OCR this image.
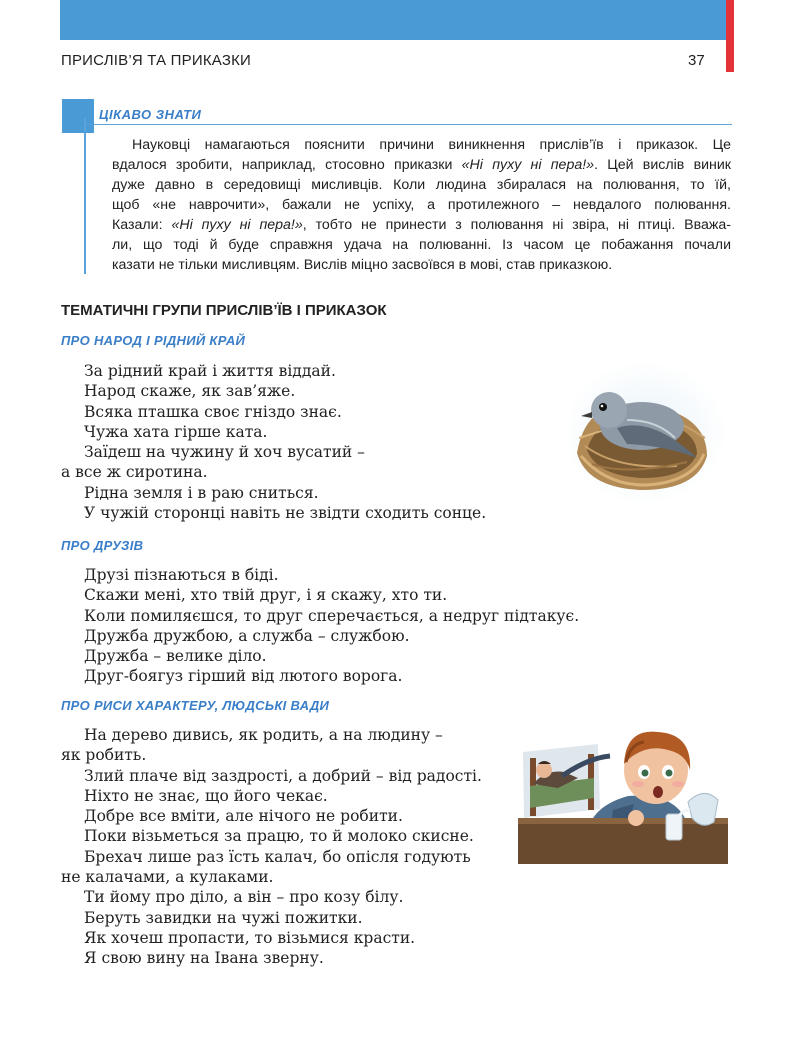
ПРИСЛІВ’Я ТА ПРИКАЗКИ	37
ЦІКАВО ЗНАТИ
Науковці намагаються пояснити причини виникнення прислів’їв і приказок. Це
вдалося зробити, наприклад, стосовно приказки «Ні пуху ні пера!». Цей вислів виник
дуже давно в середовищі мисливців. Коли людина збиралася на полювання, то їй,
щоб «не наврочити», бажали не успіху, а протилежного – невдалого полювання.
Казали: «Ні пуху ні пера!», тобто не принести з полювання ні звіра, ні птиці. Вважа-
ли, що тоді й буде справжня удача на полюванні. Із часом це побажання почали
казати не тільки мисливцям. Вислів міцно засвоївся в мові, став приказкою.
ТЕМАТИЧНІ ГРУПИ ПРИСЛІВ’ЇВ І ПРИКАЗОК
ПРО НАРОД І РІДНИЙ КРАЙ
За рідний край і життя віддай.
Народ скаже, як зав’яже.
Всяка пташка своє гніздо знає.
Чужа хата гірше ката.
Заїдеш на чужину й хоч вусатий –
а все ж сиротина.
Рідна земля і в раю сниться.
У чужій сторонці навіть не звідти сходить сонце.
ПРО ДРУЗІВ
Друзі пізнаються в біді.
Скажи мені, хто твій друг, і я скажу, хто ти.
Коли помиляєшся, то друг сперечається, а недруг підтакує.
Дружба дружбою, а служба – службою.
Дружба – велике діло.
Друг-боягуз гірший від лютого ворога.
ПРО РИСИ ХАРАКТЕРУ, ЛЮДСЬКІ ВАДИ
На дерево дивись, як родить, а на людину –
як робить.
Злий плаче від заздрості, а добрий – від радості.
Ніхто не знає, що його чекає.
Добре все вміти, але нічого не робити.
Поки візьметься за працю, то й молоко скисне.
Брехач лише раз їсть калач, бо опісля годують
не калачами, а кулаками.
Ти йому про діло, а він – про козу білу.
Беруть завидки на чужі пожитки.
Як хочеш пропасти, то візьмися красти.
Я свою вину на Івана зверну.
